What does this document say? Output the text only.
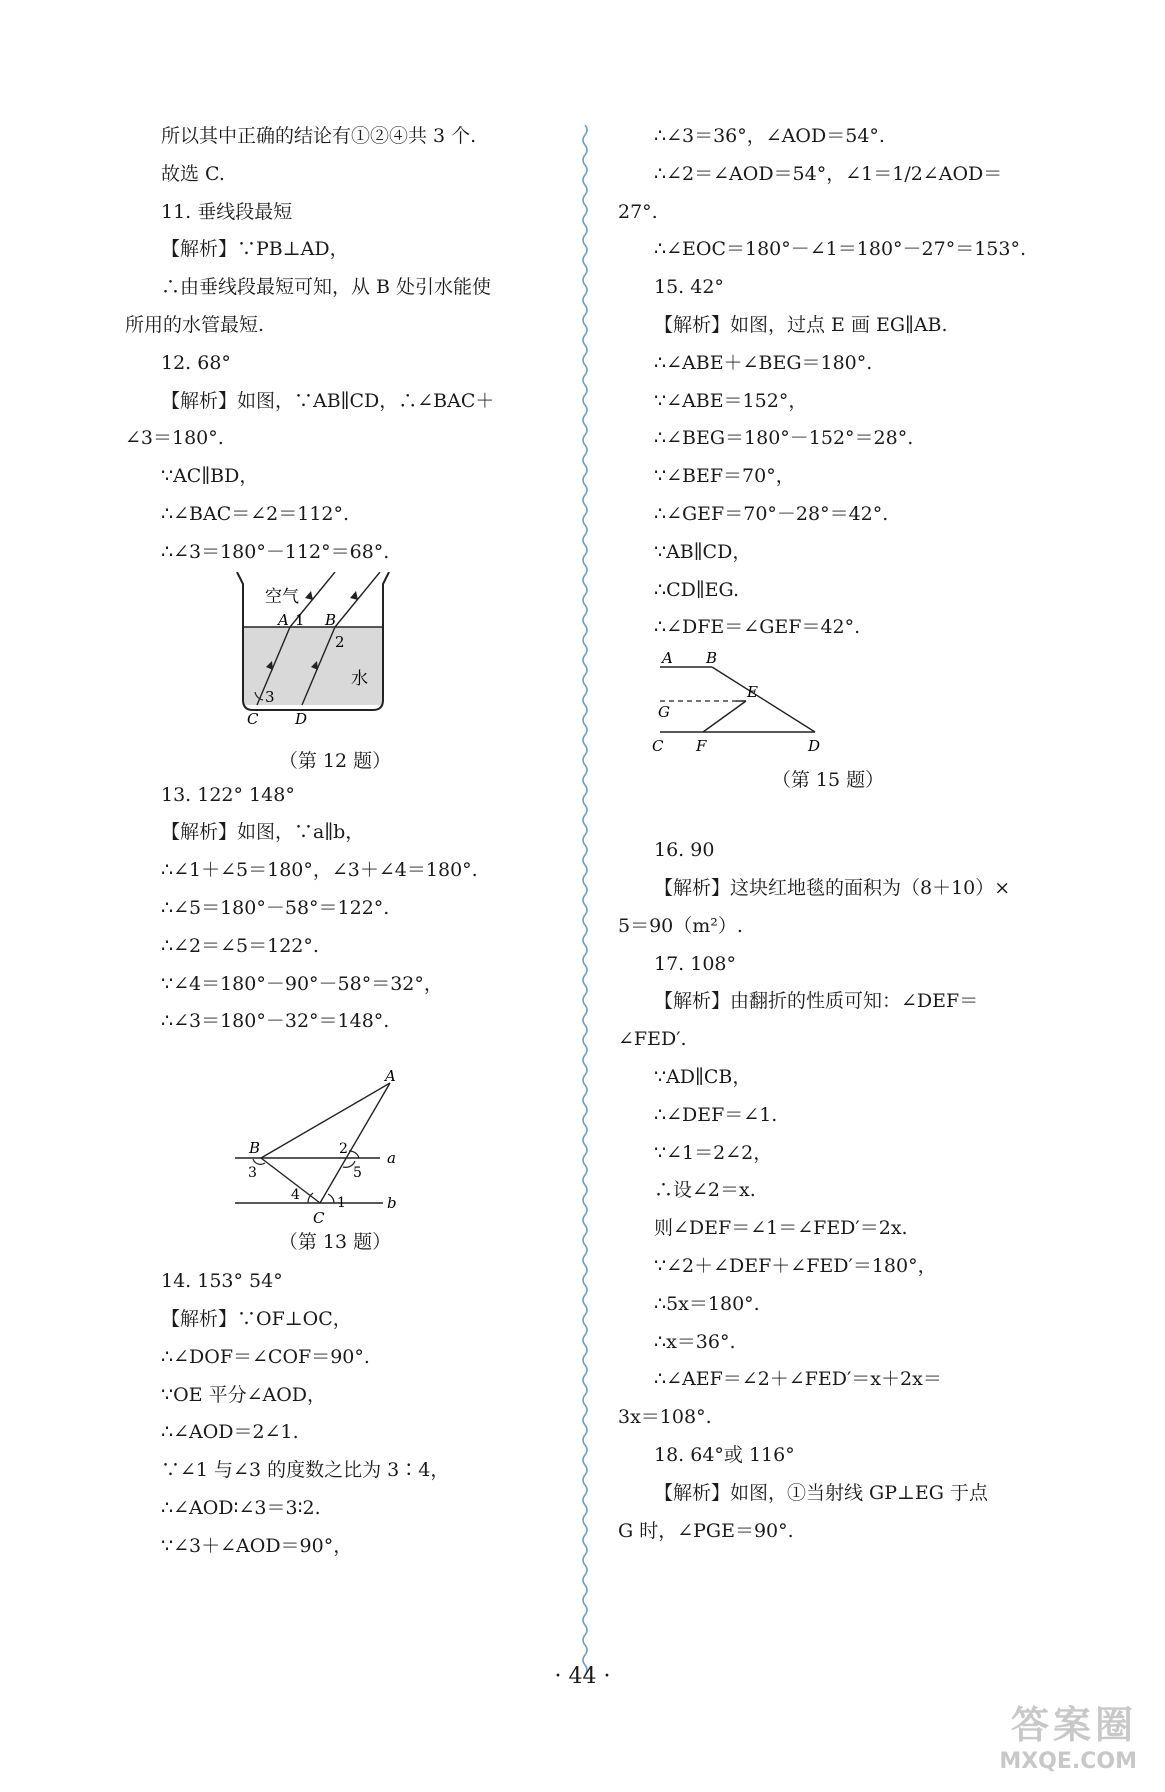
所以其中正确的结论有①②④共 3 个.
故选 C.
11. 垂线段最短
【解析】∵PB⊥AD，
∴由垂线段最短可知，从 B 处引水能使
所用的水管最短.
12. 68°
【解析】如图，∵AB∥CD，∴∠BAC＋
∠3＝180°.
∵AC∥BD，
∴∠BAC＝∠2＝112°.
∴∠3＝180°－112°＝68°.
空气
水
A 1 B
2
3
C D
（第 12 题）
13. 122° 148°
【解析】如图，∵a∥b，
∴∠1＋∠5＝180°，∠3＋∠4＝180°.
∴∠5＝180°－58°＝122°.
∴∠2＝∠5＝122°.
∵∠4＝180°－90°－58°＝32°，
∴∠3＝180°－32°＝148°.
A
B
C
1
2
3
4
5
a
b
（第 13 题）
14. 153° 54°
【解析】∵OF⊥OC，
∴∠DOF＝∠COF＝90°.
∵OE 平分∠AOD，
∴∠AOD＝2∠1.
∵∠1 与∠3 的度数之比为 3∶4，
∴∠AOD∶∠3＝3∶2.
∵∠3＋∠AOD＝90°，
∴∠3＝36°，∠AOD＝54°.
∴∠2＝∠AOD＝54°，∠1＝1/2∠AOD＝
27°.
∴∠EOC＝180°－∠1＝180°－27°＝153°.
15. 42°
【解析】如图，过点 E 画 EG∥AB.
∴∠ABE＋∠BEG＝180°.
∵∠ABE＝152°，
∴∠BEG＝180°－152°＝28°.
∵∠BEF＝70°，
∴∠GEF＝70°－28°＝42°.
∵AB∥CD，
∴CD∥EG.
∴∠DFE＝∠GEF＝42°.
A B
E
G
C F	D
（第 15 题）
16. 90
【解析】这块红地毯的面积为（8＋10）×
5＝90（m²）.
17. 108°
【解析】由翻折的性质可知：∠DEF＝
∠FED′.
∵AD∥CB，
∴∠DEF＝∠1.
∵∠1＝2∠2，
∴设∠2＝x.
则∠DEF＝∠1＝∠FED′＝2x.
∵∠2＋∠DEF＋∠FED′＝180°，
∴5x＝180°.
∴x＝36°.
∴∠AEF＝∠2＋∠FED′＝x＋2x＝
3x＝108°.
18. 64°或 116°
【解析】如图，①当射线 GP⊥EG 于点
G 时，∠PGE＝90°.
· 44 ·
答案圈
MXQE.COM
